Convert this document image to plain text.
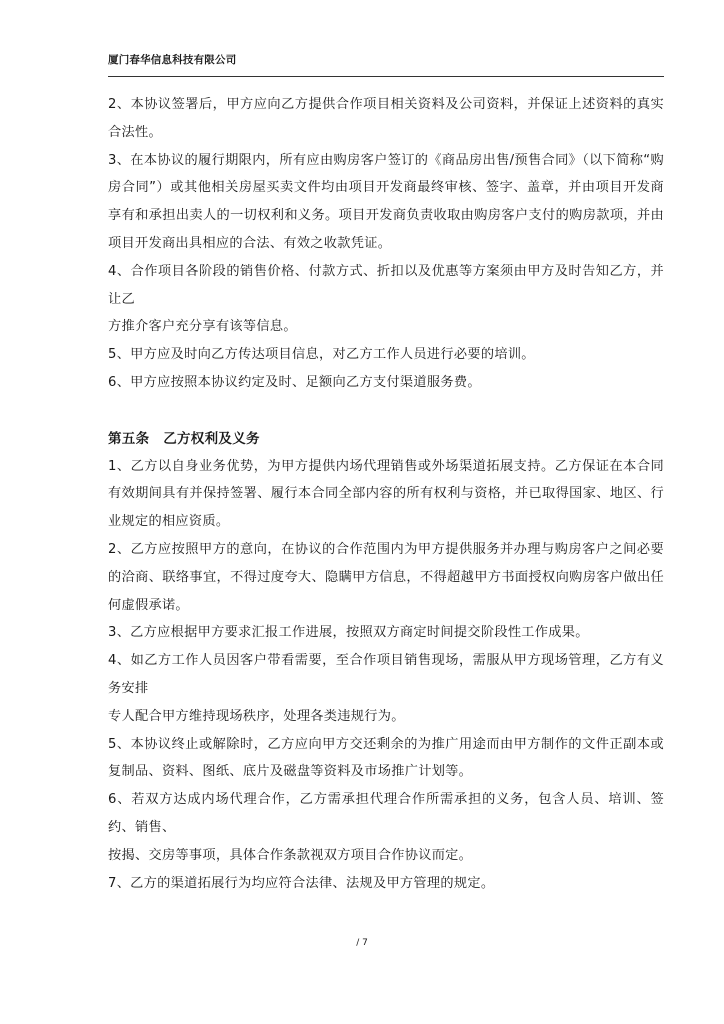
厦门春华信息科技有限公司

2、本协议签署后，甲方应向乙方提供合作项目相关资料及公司资料，并保证上述资料的真实合法性。

3、在本协议的履行期限内，所有应由购房客户签订的《商品房出售/预售合同》（以下简称“购房合同”）或其他相关房屋买卖文件均由项目开发商最终审核、签字、盖章，并由项目开发商享有和承担出卖人的一切权利和义务。项目开发商负责收取由购房客户支付的购房款项，并由项目开发商出具相应的合法、有效之收款凭证。

4、合作项目各阶段的销售价格、付款方式、折扣以及优惠等方案须由甲方及时告知乙方，并让乙

方推介客户充分享有该等信息。

5、甲方应及时向乙方传达项目信息，对乙方工作人员进行必要的培训。

6、甲方应按照本协议约定及时、足额向乙方支付渠道服务费。

第五条　乙方权利及义务

1、乙方以自身业务优势，为甲方提供内场代理销售或外场渠道拓展支持。乙方保证在本合同有效期间具有并保持签署、履行本合同全部内容的所有权利与资格，并已取得国家、地区、行业规定的相应资质。

2、乙方应按照甲方的意向，在协议的合作范围内为甲方提供服务并办理与购房客户之间必要的洽商、联络事宜，不得过度夸大、隐瞒甲方信息，不得超越甲方书面授权向购房客户做出任何虚假承诺。

3、乙方应根据甲方要求汇报工作进展，按照双方商定时间提交阶段性工作成果。

4、如乙方工作人员因客户带看需要，至合作项目销售现场，需服从甲方现场管理，乙方有义务安排

专人配合甲方维持现场秩序，处理各类违规行为。

5、本协议终止或解除时，乙方应向甲方交还剩余的为推广用途而由甲方制作的文件正副本或复制品、资料、图纸、底片及磁盘等资料及市场推广计划等。

6、若双方达成内场代理合作，乙方需承担代理合作所需承担的义务，包含人员、培训、签约、销售、

按揭、交房等事项，具体合作条款视双方项目合作协议而定。

7、乙方的渠道拓展行为均应符合法律、法规及甲方管理的规定。

/ 7
